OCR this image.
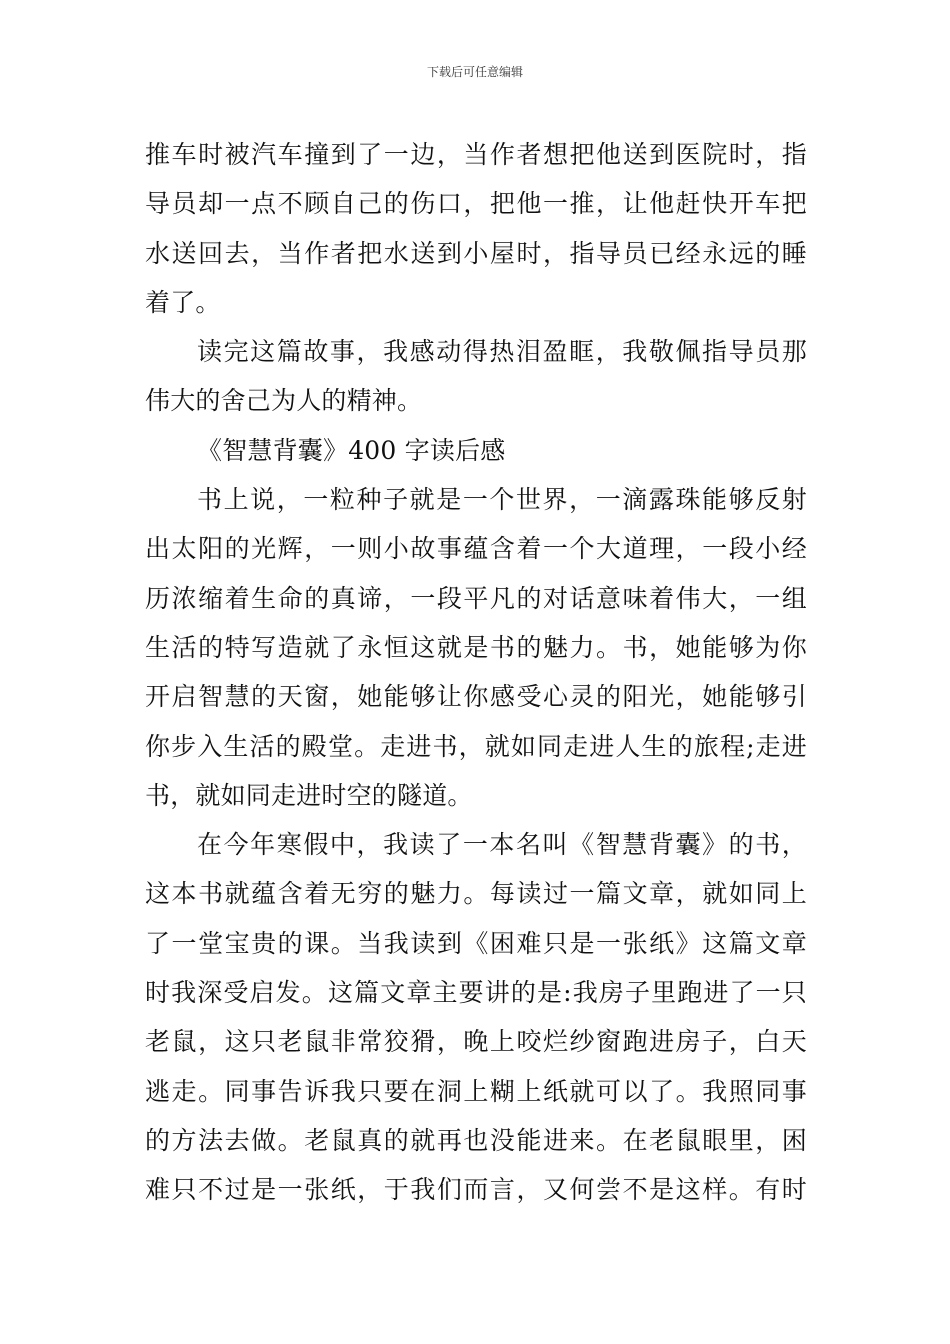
下载后可任意编辑
推车时被汽车撞到了一边，当作者想把他送到医院时，指
导员却一点不顾自己的伤口，把他一推，让他赶快开车把
水送回去，当作者把水送到小屋时，指导员已经永远的睡
着了。
读完这篇故事，我感动得热泪盈眶，我敬佩指导员那
伟大的舍己为人的精神。
《智慧背囊》400 字读后感
书上说，一粒种子就是一个世界，一滴露珠能够反射
出太阳的光辉，一则小故事蕴含着一个大道理，一段小经
历浓缩着生命的真谛，一段平凡的对话意味着伟大，一组
生活的特写造就了永恒这就是书的魅力。书，她能够为你
开启智慧的天窗，她能够让你感受心灵的阳光，她能够引
你步入生活的殿堂。走进书，就如同走进人生的旅程;走进
书，就如同走进时空的隧道。
在今年寒假中，我读了一本名叫《智慧背囊》的书，
这本书就蕴含着无穷的魅力。每读过一篇文章，就如同上
了一堂宝贵的课。当我读到《困难只是一张纸》这篇文章
时我深受启发。这篇文章主要讲的是:我房子里跑进了一只
老鼠，这只老鼠非常狡猾，晚上咬烂纱窗跑进房子，白天
逃走。同事告诉我只要在洞上糊上纸就可以了。我照同事
的方法去做。老鼠真的就再也没能进来。在老鼠眼里，困
难只不过是一张纸，于我们而言，又何尝不是这样。有时
